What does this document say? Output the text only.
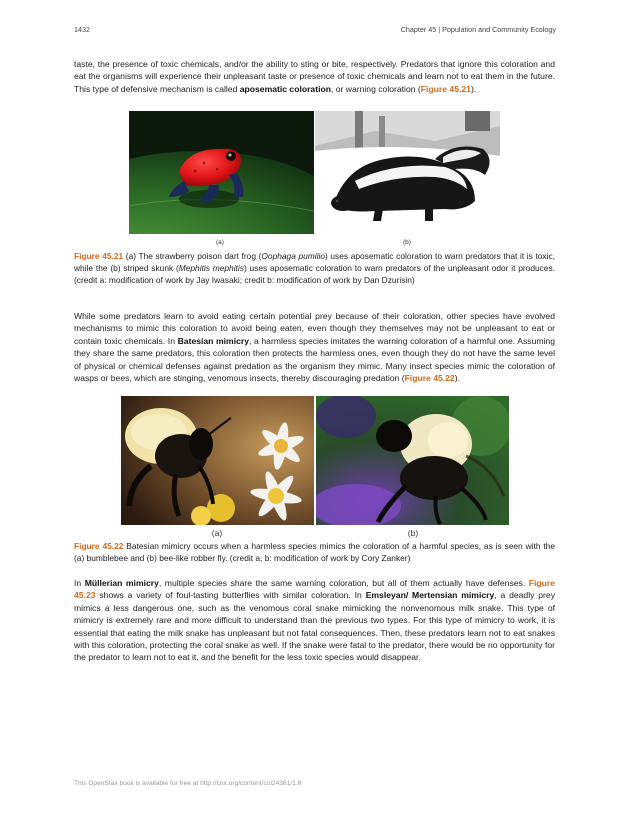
1432	Chapter 45 | Population and Community Ecology

taste, the presence of toxic chemicals, and/or the ability to sting or bite, respectively. Predators that ignore this coloration and eat the organisms will experience their unpleasant taste or presence of toxic chemicals and learn not to eat them in the future. This type of defensive mechanism is called aposematic coloration, or warning coloration (Figure 45.21).

(a)	(b)

Figure 45.21 (a) The strawberry poison dart frog (Oophaga pumilio) uses aposematic coloration to warn predators that it is toxic, while the (b) striped skunk (Mephitis mephitis) uses aposematic coloration to warn predators of the unpleasant odor it produces. (credit a: modification of work by Jay Iwasaki; credit b: modification of work by Dan Dzurisin)

While some predators learn to avoid eating certain potential prey because of their coloration, other species have evolved mechanisms to mimic this coloration to avoid being eaten, even though they themselves may not be unpleasant to eat or contain toxic chemicals. In Batesian mimicry, a harmless species imitates the warning coloration of a harmful one. Assuming they share the same predators, this coloration then protects the harmless ones, even though they do not have the same level of physical or chemical defenses against predation as the organism they mimic. Many insect species mimic the coloration of wasps or bees, which are stinging, venomous insects, thereby discouraging predation (Figure 45.22).

(a)	(b)

Figure 45.22 Batesian mimicry occurs when a harmless species mimics the coloration of a harmful species, as is seen with the (a) bumblebee and (b) bee-like robber fly. (credit a, b: modification of work by Cory Zanker)

In Müllerian mimicry, multiple species share the same warning coloration, but all of them actually have defenses. Figure 45.23 shows a variety of foul-tasting butterflies with similar coloration. In Emsleyan/ Mertensian mimicry, a deadly prey mimics a less dangerous one, such as the venomous coral snake mimicking the nonvenomous milk snake. This type of mimicry is extremely rare and more difficult to understand than the previous two types. For this type of mimicry to work, it is essential that eating the milk snake has unpleasant but not fatal consequences. Then, these predators learn not to eat snakes with this coloration, protecting the coral snake as well. If the snake were fatal to the predator, there would be no opportunity for the predator to learn not to eat it, and the benefit for the less toxic species would disappear.

This OpenStax book is available for free at http://cnx.org/content/col24361/1.8
